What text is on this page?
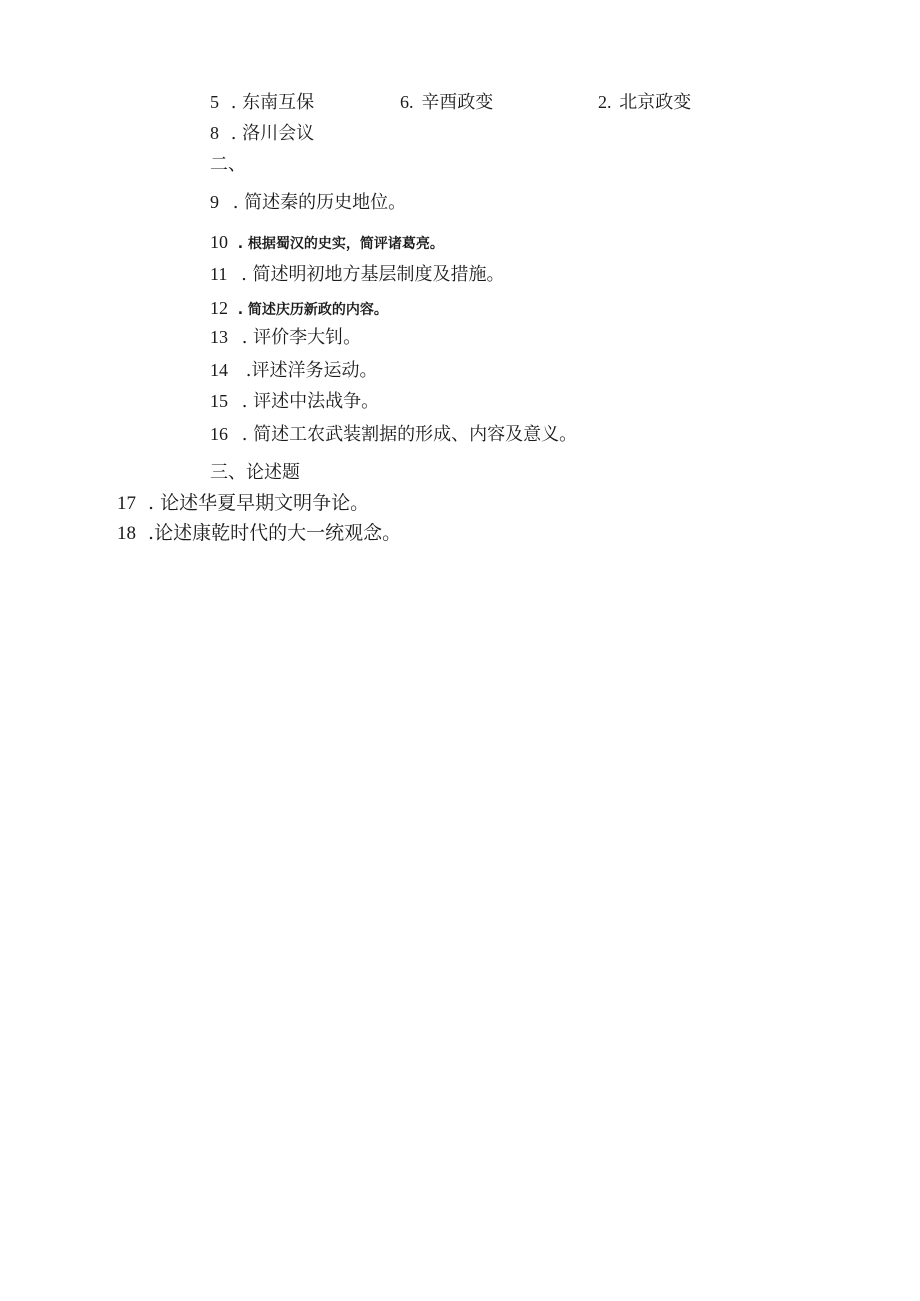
5 . 东南互保	6. 辛酉政变	2. 北京政变
8 . 洛川会议
二、
9 . 简述秦的历史地位。
10 . 根据蜀汉的史实，简评诸葛亮。
11 . 简述明初地方基层制度及措施。
12 . 简述庆历新政的内容。
13 . 评价李大钊。
14 .评述洋务运动。
15 . 评述中法战争。
16 . 简述工农武装割据的形成、内容及意义。
三、论述题
17 . 论述华夏早期文明争论。
18 .论述康乾时代的大一统观念。
